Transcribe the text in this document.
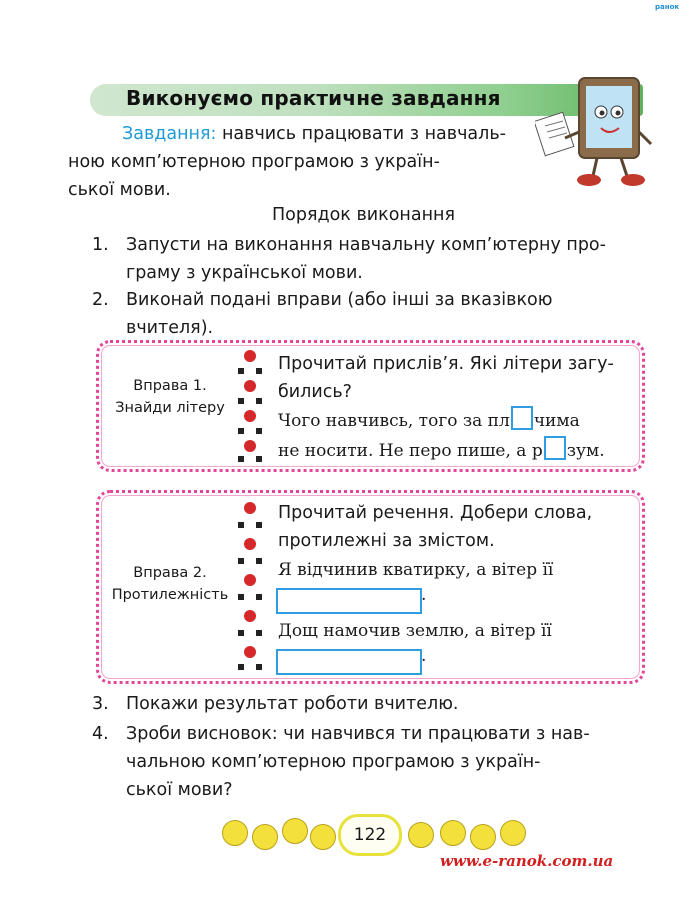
ранок
Виконуємо практичне завдання
Завдання: навчись працювати з навчаль-
ною комп’ютерною програмою з україн-
ської мови.
Порядок виконання
1. Запусти на виконання навчальну комп’ютерну про-
граму з української мови.
2. Виконай подані вправи (або інші за вказівкою
вчителя).
Вправа 1.
Знайди літеру
Прочитай прислів’я. Які літери загу-
бились?
Чого навчивсь, того за пл чима
не носити. Не перо пише, а р зум.
Вправа 2.
Протилежність
Прочитай речення. Добери слова,
протилежні за змістом.
Я відчинив кватирку, а вітер її
.
Дощ намочив землю, а вітер її
.
3. Покажи результат роботи вчителю.
4. Зроби висновок: чи навчився ти працювати з нав-
чальною комп’ютерною програмою з україн-
ської мови?
122
www.e-ranok.com.ua
